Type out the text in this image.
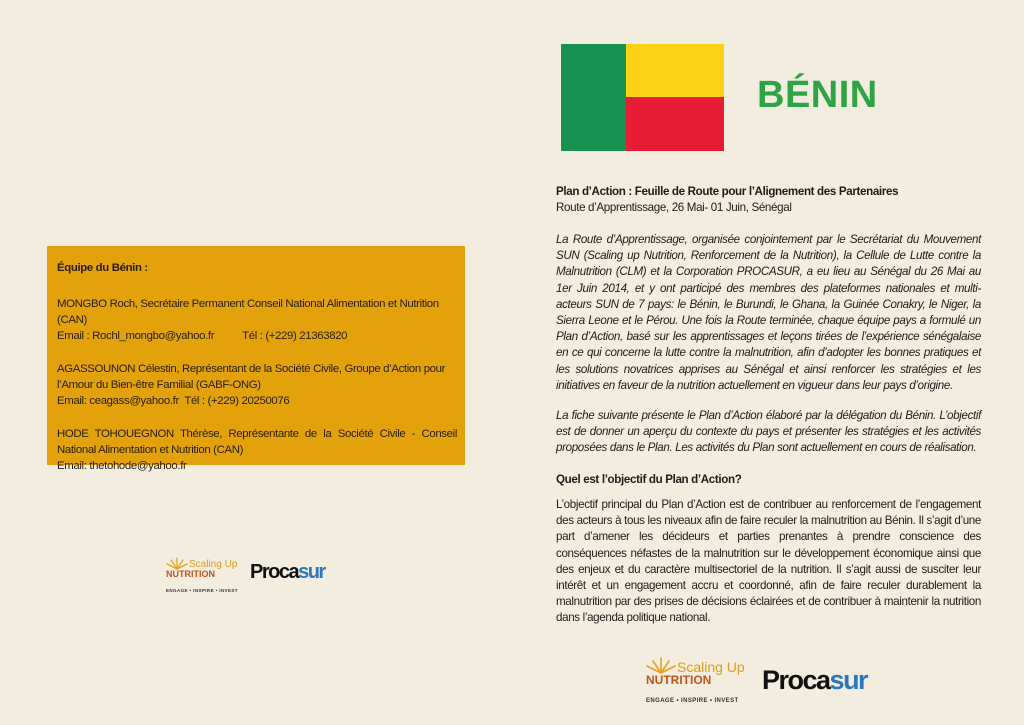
Équipe du Bénin :

MONGBO Roch, Secrétaire Permanent Conseil National Alimentation et Nutrition (CAN)

Email : Rochl_mongbo@yahoo.fr          Tél : (+229) 21363820

AGASSOUNON Célestin, Représentant de la Société Civile, Groupe d’Action pour l’Amour du Bien-être Familial (GABF-ONG)

Email: ceagass@yahoo.fr  Tél : (+229) 20250076

HODE TOHOUEGNON Thérèse, Représentante de la Société Civile - Conseil National Alimentation et Nutrition (CAN)

Email: thetohode@yahoo.fr

Scaling Up
NUTRITION
ENGAGE • INSPIRE • INVEST
Procasur
BÉNIN
Plan d’Action : Feuille de Route pour l’Alignement des Partenaires
Route d’Apprentissage, 26 Mai- 01 Juin, Sénégal

La Route d’Apprentissage, organisée conjointement par le Secrétariat du Mouvement SUN (Scaling up Nutrition, Renforcement de la Nutrition), la Cellule de Lutte contre la Malnutrition (CLM) et la Corporation PROCASUR, a eu lieu au Sénégal du 26 Mai au 1er Juin 2014, et y ont participé des membres des plateformes nationales et multi-acteurs SUN de 7 pays: le Bénin, le Burundi, le Ghana, la Guinée Conakry, le Niger, la Sierra Leone et le Pérou. Une fois la Route terminée, chaque équipe pays a formulé un Plan d’Action, basé sur les apprentissages et leçons tirées de l’expérience sénégalaise en ce qui concerne la lutte contre la malnutrition, afin d’adopter les bonnes pratiques et les solutions novatrices apprises au Sénégal et ainsi renforcer les stratégies et les initiatives en faveur de la nutrition actuellement en vigueur dans leur pays d’origine.

La fiche suivante présente le Plan d’Action élaboré par la délégation du Bénin. L’objectif est de donner un aperçu du contexte du pays et présenter les stratégies et les activités proposées dans le Plan. Les activités du Plan sont actuellement en cours de réalisation.

Quel est l’objectif du Plan d’Action?

L’objectif principal du Plan d’Action est de contribuer au renforcement de l’engagement des acteurs à tous les niveaux afin de faire reculer la malnutrition au Bénin. Il s’agit d’une part d’amener les décideurs et parties prenantes à prendre conscience des conséquences néfastes de la malnutrition sur le développement économique ainsi que des enjeux et du caractère multisectoriel de la nutrition. Il s’agit aussi de susciter leur intérêt et un engagement accru et coordonné, afin de faire reculer durablement la malnutrition par des prises de décisions éclairées et de contribuer à maintenir la nutrition dans l’agenda politique national.

Scaling Up
NUTRITION
ENGAGE • INSPIRE • INVEST
Procasur
